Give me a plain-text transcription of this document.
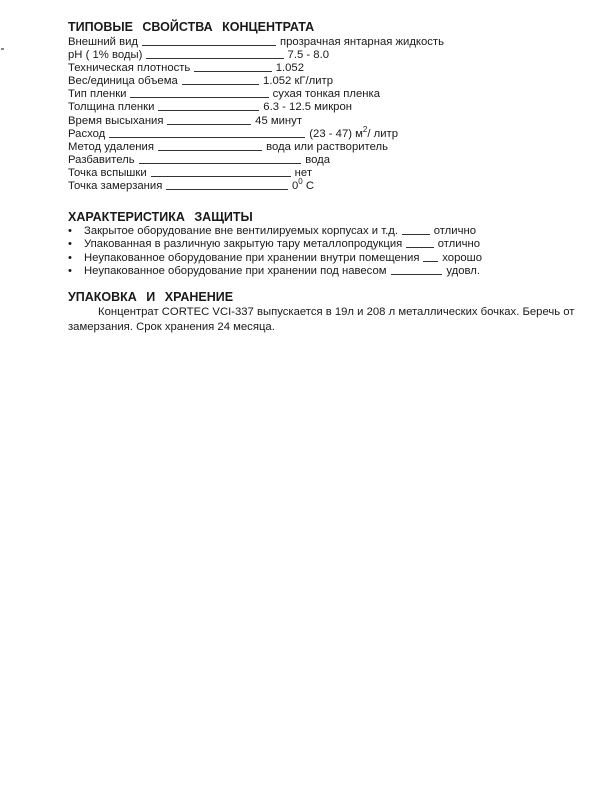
ТИПОВЫЕ СВОЙСТВА КОНЦЕНТРАТА
Внешний вид	прозрачная янтарная жидкость
pH ( 1% воды)	7.5 - 8.0
Техническая плотность	1.052
Вес/единица объема	1.052 кГ/литр
Тип пленки	сухая тонкая пленка
Толщина пленки	6.3 - 12.5 микрон
Время высыхания	45 минут
Расход	(23 - 47) $м^2/$ литр
Метод удаления	вода или растворитель
Разбавитель	вода
Точка вспышки	нет
Точка замерзания	$0^0$ C
ХАРАКТЕРИСТИКА ЗАЩИТЫ
•	Закрытое оборудование вне вентилируемых корпусах и т.д.	отлично
•	Упакованная в различную закрытую тару металлопродукция	отлично
•	Неупакованное оборудование при хранении внутри помещения хорошо
•	Неупакованное оборудование при хранении под навесом	удовл.
УПАКОВКА И ХРАНЕНИЕ
Концентрат CORTEC VCI-337 выпускается в 19л и 208 л металлических бочках. Беречь от
замерзания. Срок хранения 24 месяца.
